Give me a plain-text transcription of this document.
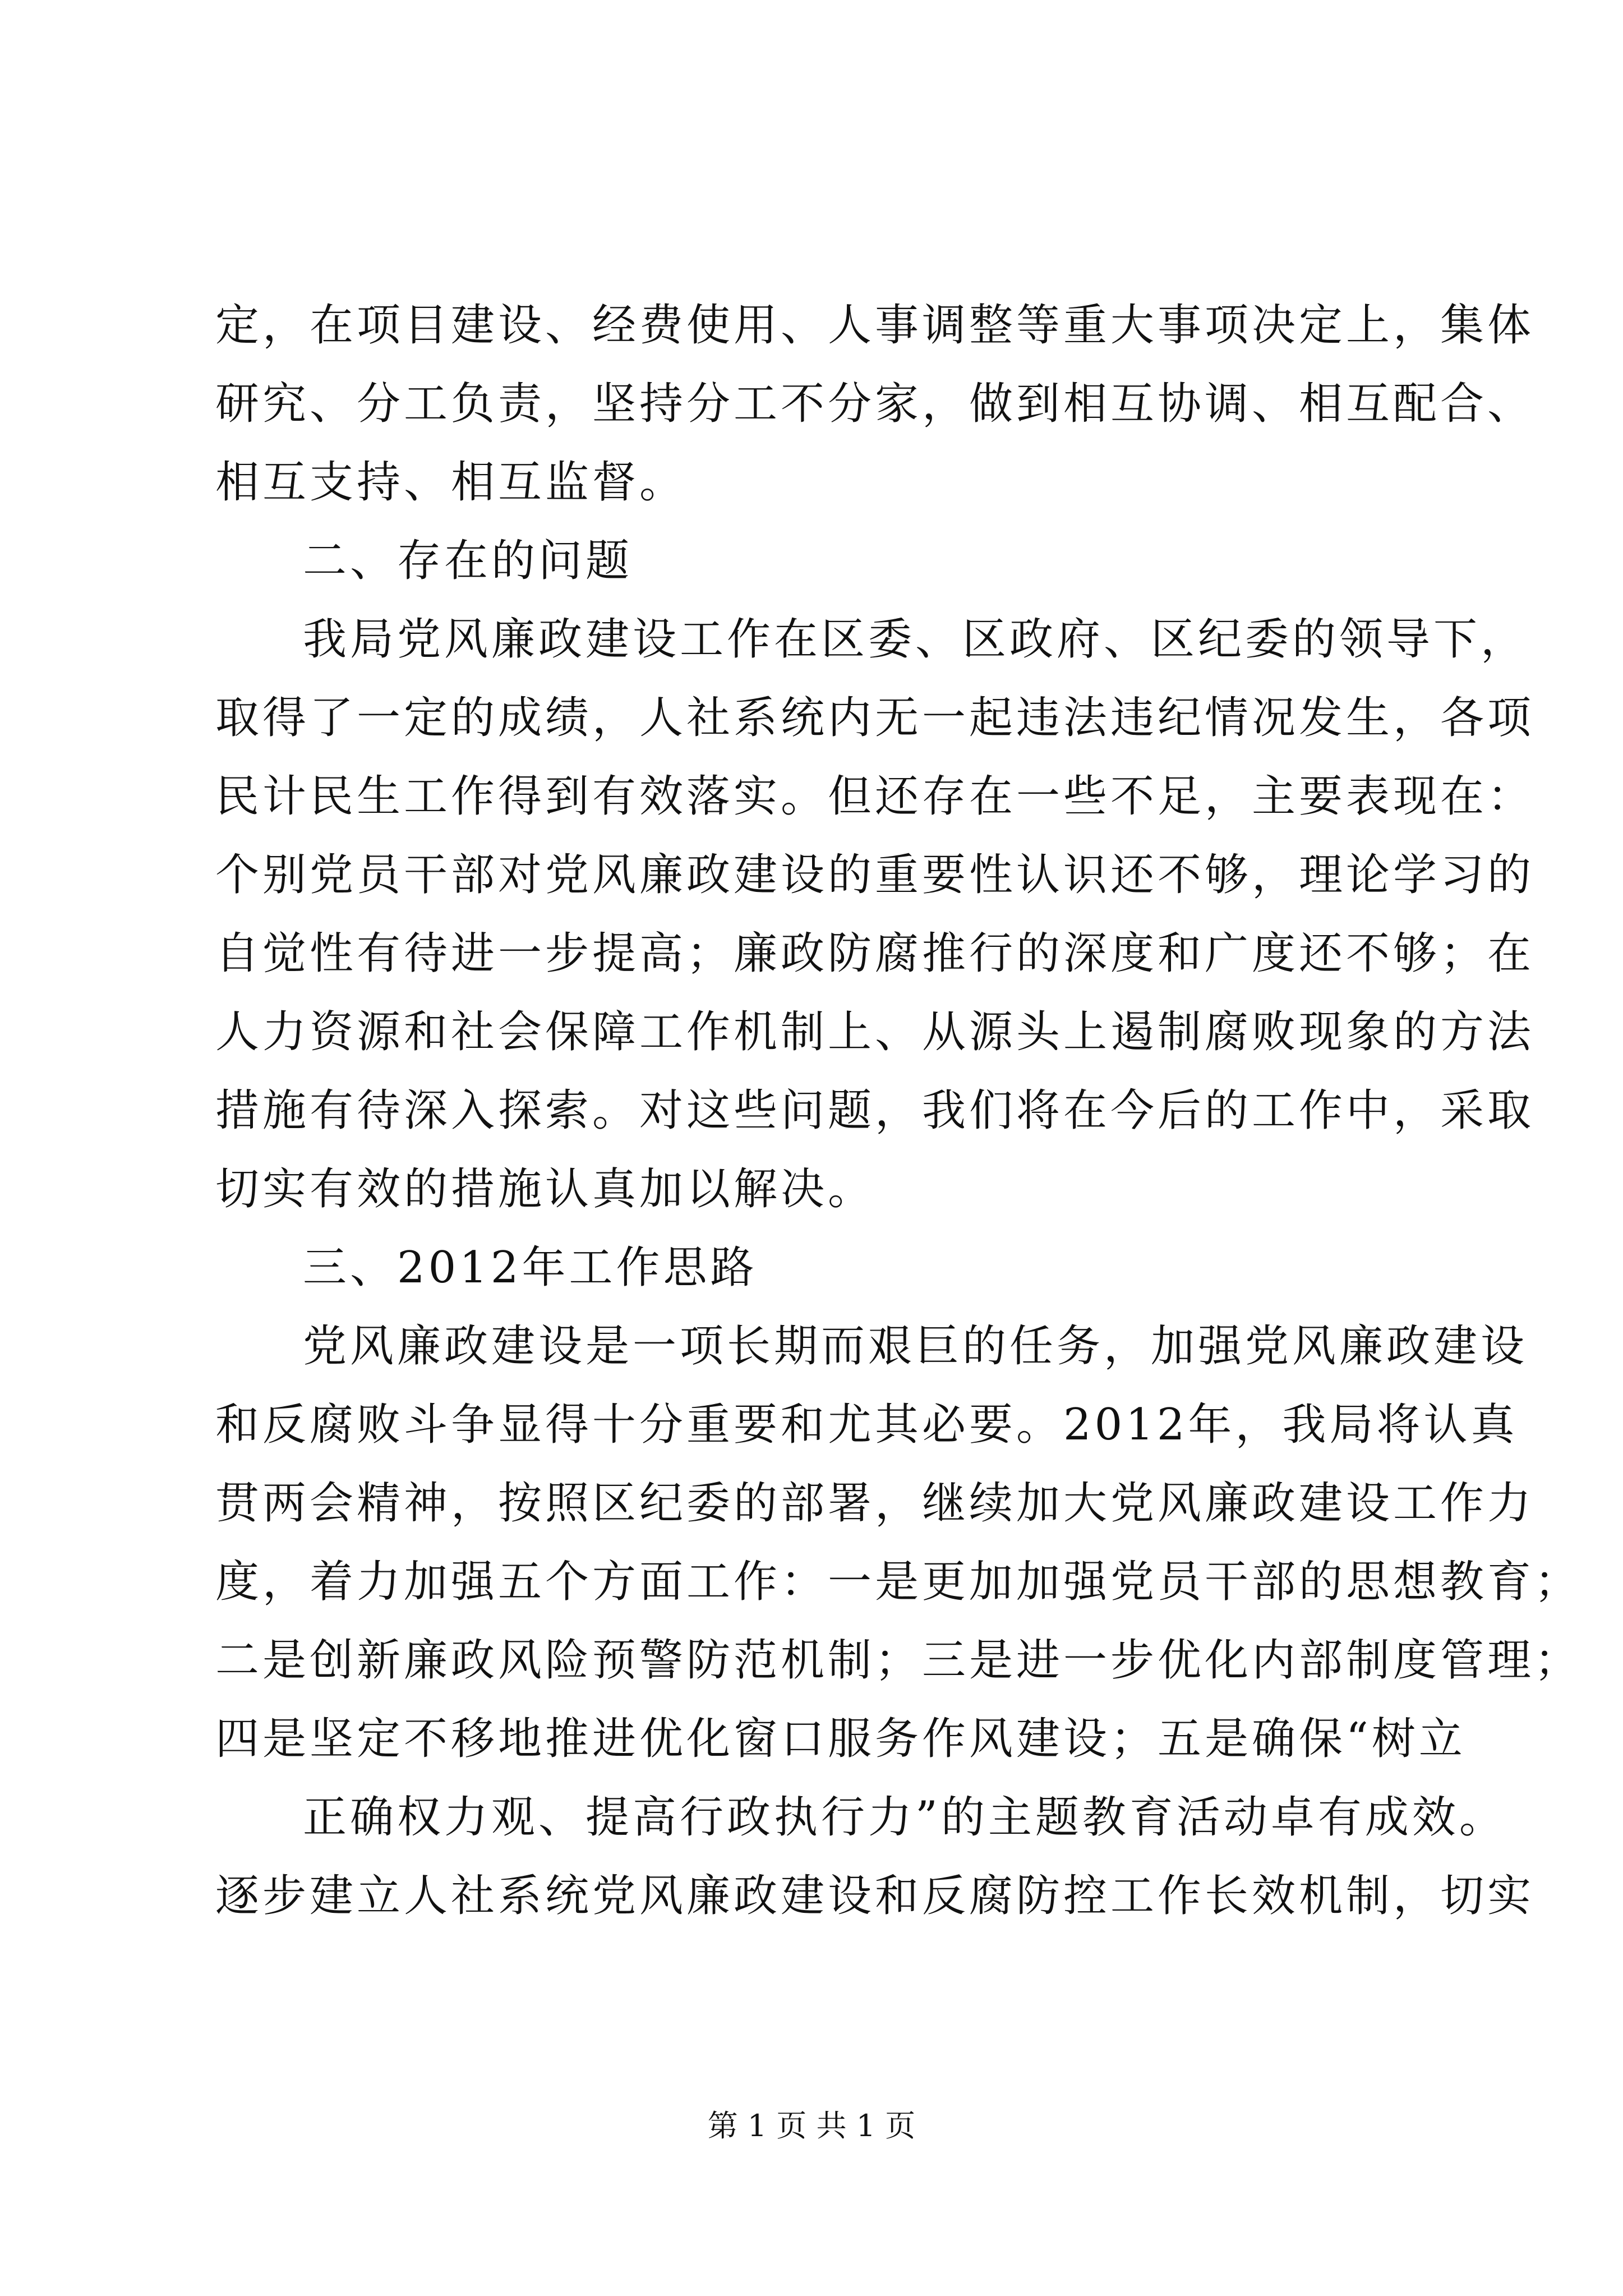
定，在项目建设、经费使用、人事调整等重大事项决定上，集体
研究、分工负责，坚持分工不分家，做到相互协调、相互配合、
相互支持、相互监督。
二、存在的问题
我局党风廉政建设工作在区委、区政府、区纪委的领导下，
取得了一定的成绩，人社系统内无一起违法违纪情况发生，各项
民计民生工作得到有效落实。但还存在一些不足，主要表现在：
个别党员干部对党风廉政建设的重要性认识还不够，理论学习的
自觉性有待进一步提高；廉政防腐推行的深度和广度还不够；在
人力资源和社会保障工作机制上、从源头上遏制腐败现象的方法
措施有待深入探索。对这些问题，我们将在今后的工作中，采取
切实有效的措施认真加以解决。
三、2012年工作思路
党风廉政建设是一项长期而艰巨的任务，加强党风廉政建设
和反腐败斗争显得十分重要和尤其必要。2012年，我局将认真
贯两会精神，按照区纪委的部署，继续加大党风廉政建设工作力
度，着力加强五个方面工作：一是更加加强党员干部的思想教育；
二是创新廉政风险预警防范机制；三是进一步优化内部制度管理；
四是坚定不移地推进优化窗口服务作风建设；五是确保“树立
正确权力观、提高行政执行力”的主题教育活动卓有成效。
逐步建立人社系统党风廉政建设和反腐防控工作长效机制，切实
第 1 页 共 1 页
